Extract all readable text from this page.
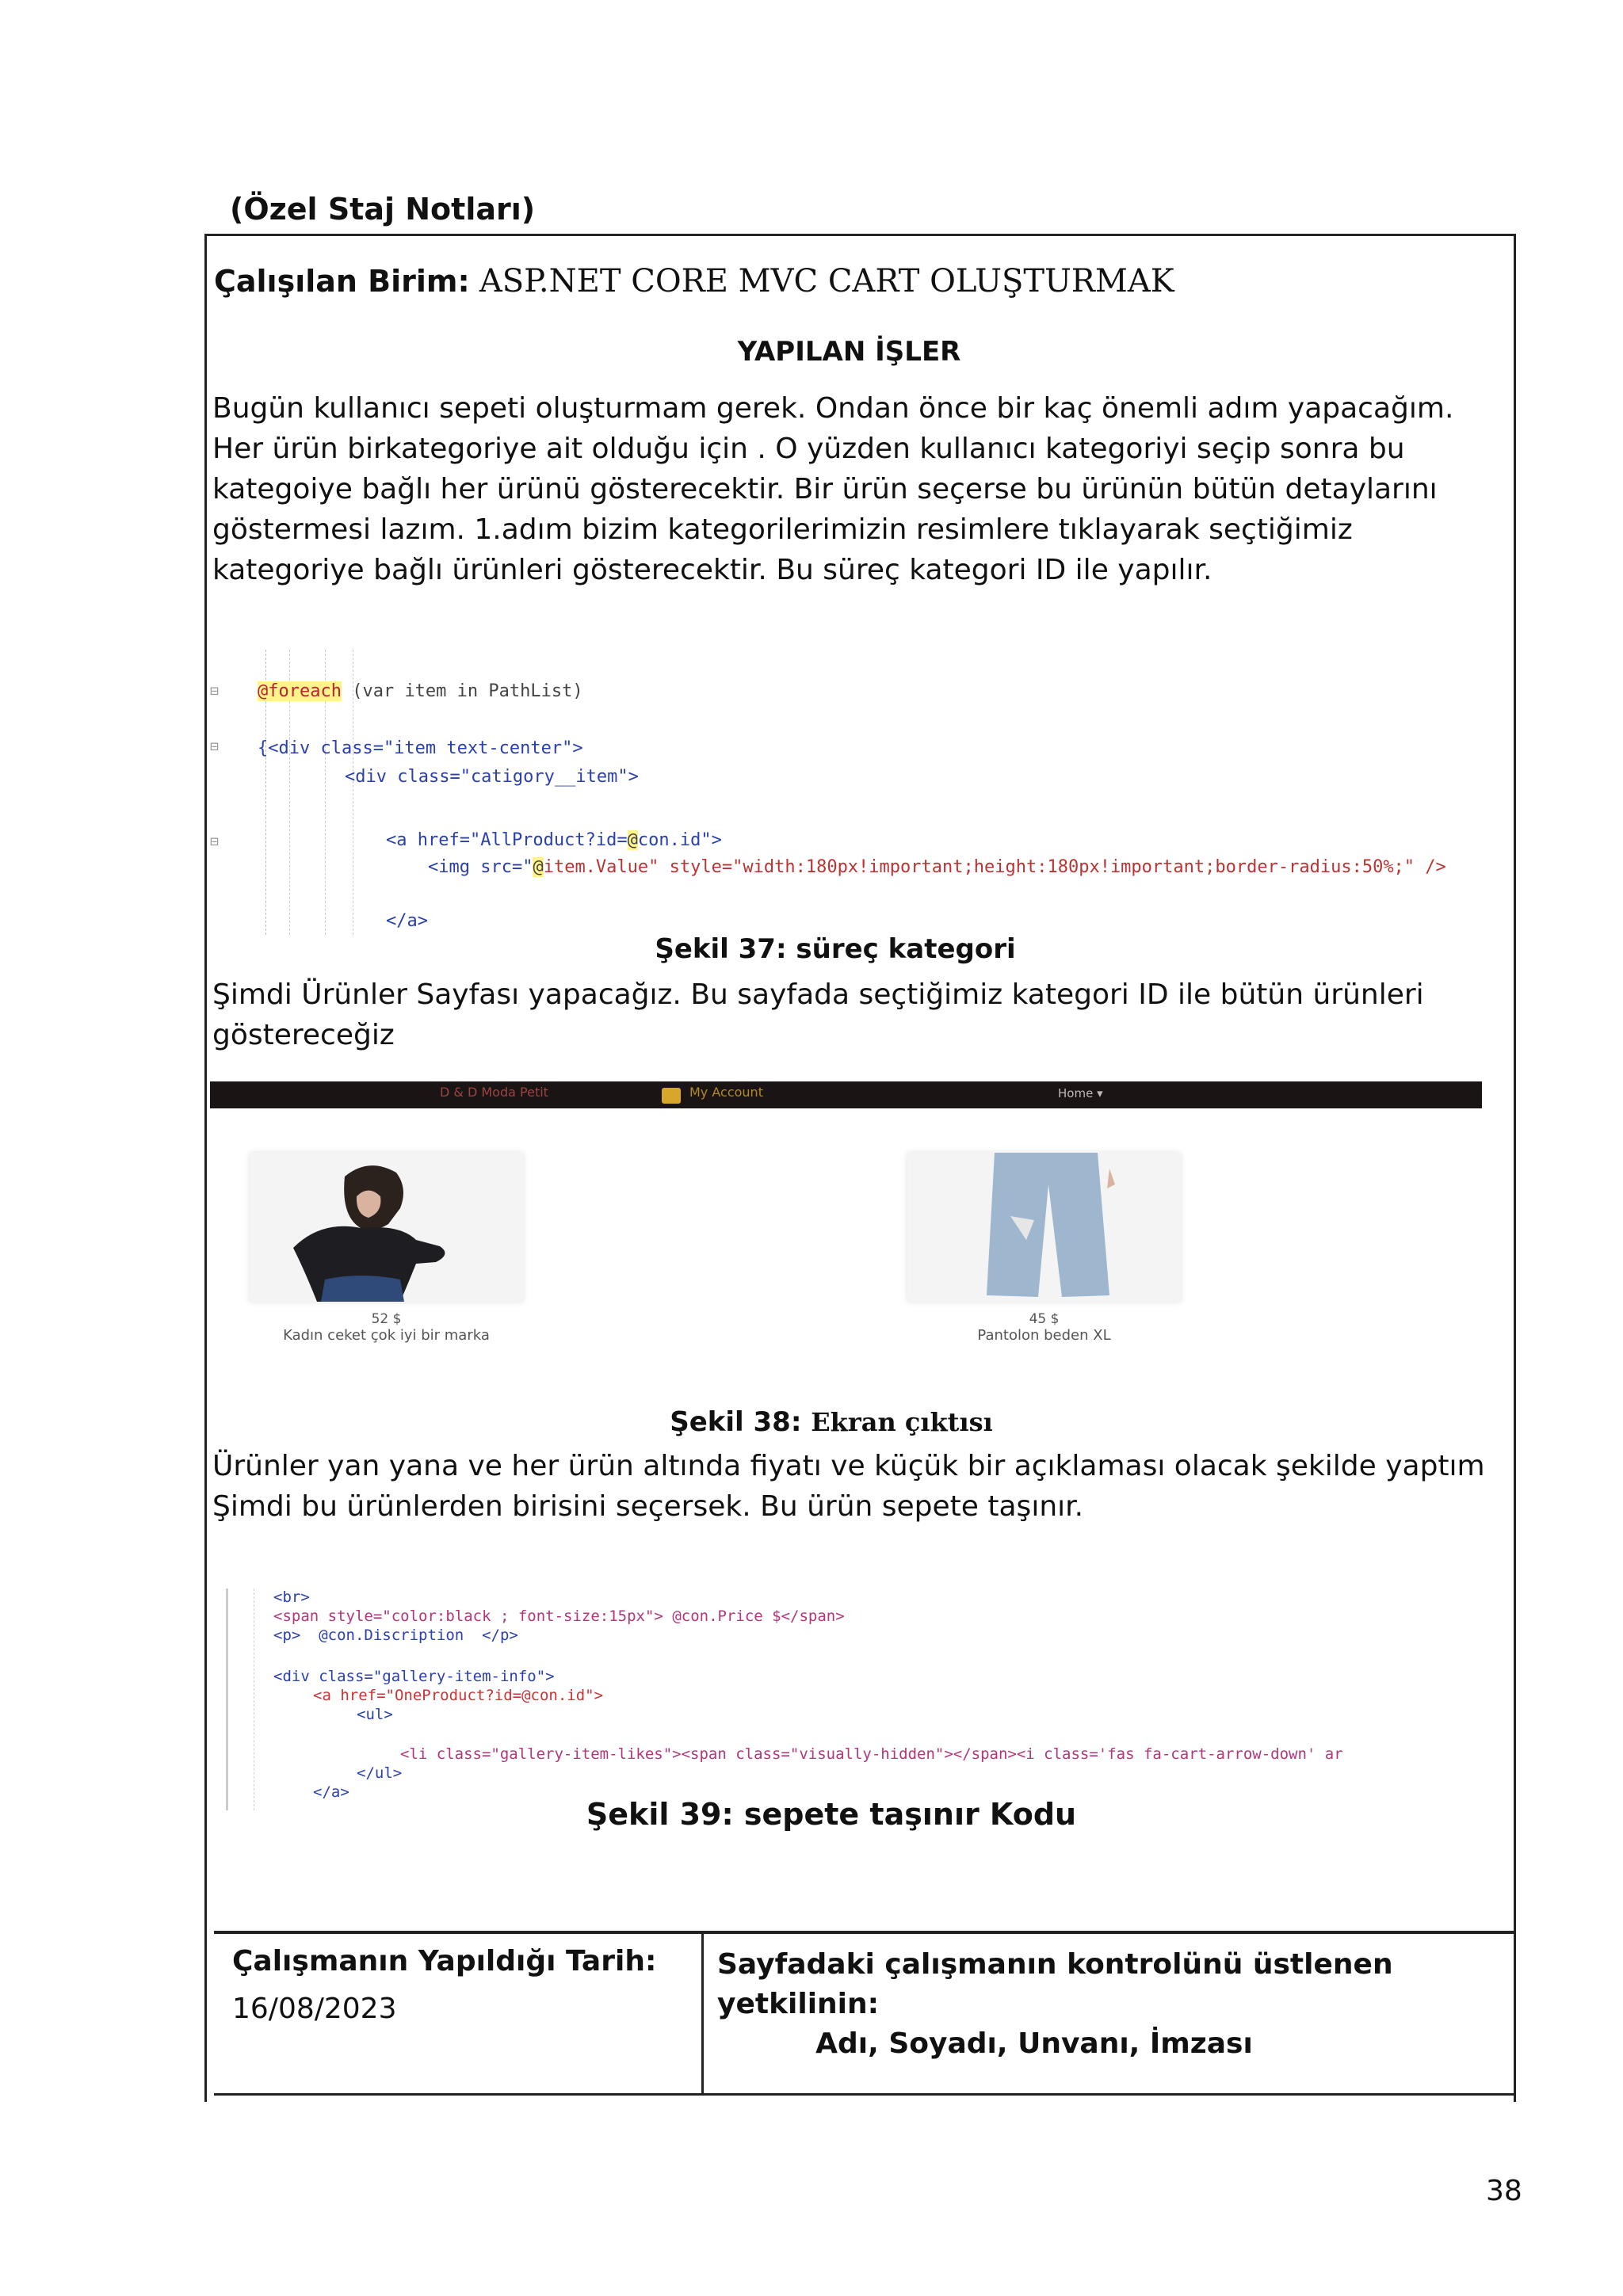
(Özel Staj Notları)
Çalışılan Birim: ASP.NET CORE MVC CART OLUŞTURMAK
YAPILAN İŞLER
Bugün kullanıcı sepeti oluşturmam gerek. Ondan önce bir kaç önemli adım yapacağım. Her ürün birkategoriye ait olduğu için . O yüzden kullanıcı kategoriyi seçip sonra bu kategoiye bağlı her ürünü gösterecektir. Bir ürün seçerse bu ürünün bütün detaylarını göstermesi lazım. 1.adım bizim kategorilerimizin resimlere tıklayarak seçtiğimiz kategoriye bağlı ürünleri gösterecektir. Bu süreç kategori ID ile yapılır.
⊟
⊟
⊟
@foreach (var item in PathList)
{<div class="item text-center">
<div class="catigory__item">
<a href="AllProduct?id=@con.id">
<img src="@item.Value" style="width:180px!important;height:180px!important;border-radius:50%;" />
</a>
Şekil 37: süreç kategori
Şimdi Ürünler Sayfası yapacağız. Bu sayfada seçtiğimiz kategori ID ile bütün ürünleri göstereceğiz
D & D Moda Petit	My Account	Home ▾
52 $
Kadın ceket çok iyi bir marka
45 $
Pantolon beden XL
Şekil 38: Ekran çıktısı
Ürünler yan yana ve her ürün altında fiyatı ve küçük bir açıklaması olacak şekilde yaptım Şimdi bu ürünlerden birisini seçersek. Bu ürün sepete taşınır.
<br>
<span style="color:black ; font-size:15px"> @con.Price $</span>
<p>  @con.Discription  </p>
<div class="gallery-item-info">
<a href="OneProduct?id=@con.id">
<ul>
<li class="gallery-item-likes"><span class="visually-hidden"></span><i class='fas fa-cart-arrow-down' ar
</ul>
</a>
Şekil 39: sepete taşınır Kodu
Çalışmanın Yapıldığı Tarih:
16/08/2023
Sayfadaki çalışmanın kontrolünü üstlenen yetkilinin:
Adı, Soyadı, Unvanı, İmzası
38
